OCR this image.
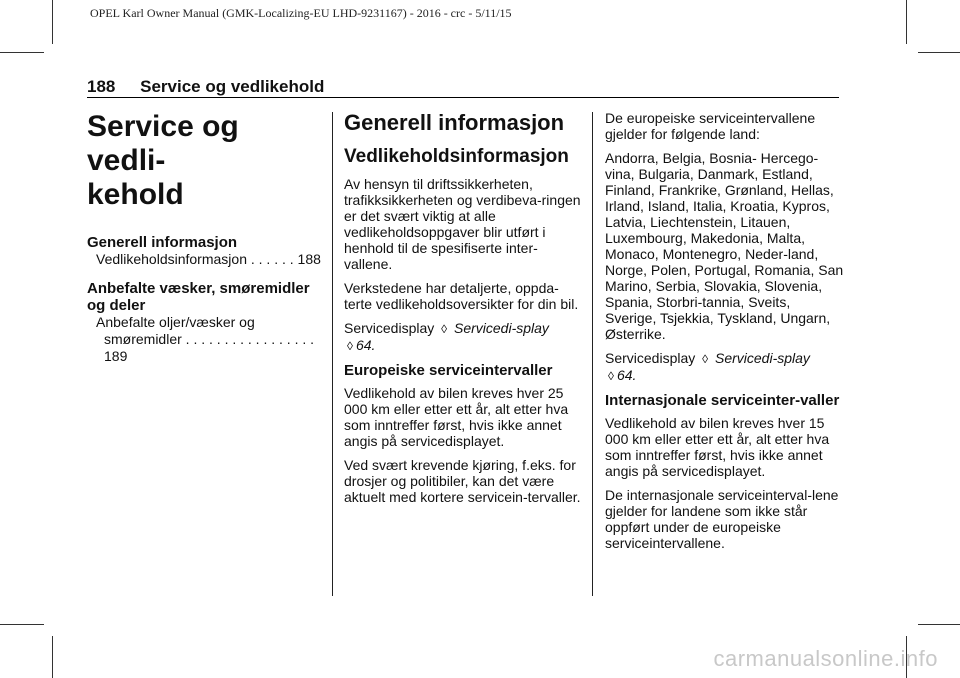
OPEL Karl Owner Manual (GMK-Localizing-EU LHD-9231167) - 2016 - crc - 5/11/15
188 Service og vedlikehold
Service og vedli-
kehold
Generell informasjon
Vedlikeholdsinformasjon . . . . . . 188
Anbefalte væsker, smøremidler og deler
Anbefalte oljer/væsker og
smøremidler . . . . . . . . . . . . . . . . . 189
Generell informasjon
Vedlikeholdsinformasjon

Av hensyn til driftssikkerheten, trafikksikkerheten og verdibeva-ringen er det svært viktig at alle vedlikeholdsoppgaver blir utført i henhold til de spesifiserte inter-vallene.

Verkstedene har detaljerte, oppda-terte vedlikeholdsoversikter for din bil.

Servicedisplay ◊ Servicedi-splay ◊ 64.

Europeiske serviceintervaller

Vedlikehold av bilen kreves hver 25 000 km eller etter ett år, alt etter hva som inntreffer først, hvis ikke annet angis på servicedisplayet.

Ved svært krevende kjøring, f.eks. for drosjer og politibiler, kan det være aktuelt med kortere servicein-tervaller.

De europeiske serviceintervallene gjelder for følgende land:

Andorra, Belgia, Bosnia- Hercego-vina, Bulgaria, Danmark, Estland, Finland, Frankrike, Grønland, Hellas, Irland, Island, Italia, Kroatia, Kypros, Latvia, Liechtenstein, Litauen, Luxembourg, Makedonia, Malta, Monaco, Montenegro, Neder-land, Norge, Polen, Portugal, Romania, San Marino, Serbia, Slovakia, Slovenia, Spania, Storbri-tannia, Sveits, Sverige, Tsjekkia, Tyskland, Ungarn, Østerrike.

Servicedisplay ◊ Servicedi-splay ◊ 64.

Internasjonale serviceinter-valler

Vedlikehold av bilen kreves hver 15 000 km eller etter ett år, alt etter hva som inntreffer først, hvis ikke annet angis på servicedisplayet.

De internasjonale serviceinterval-lene gjelder for landene som ikke står oppført under de europeiske serviceintervallene.

carmanualsonline.info
